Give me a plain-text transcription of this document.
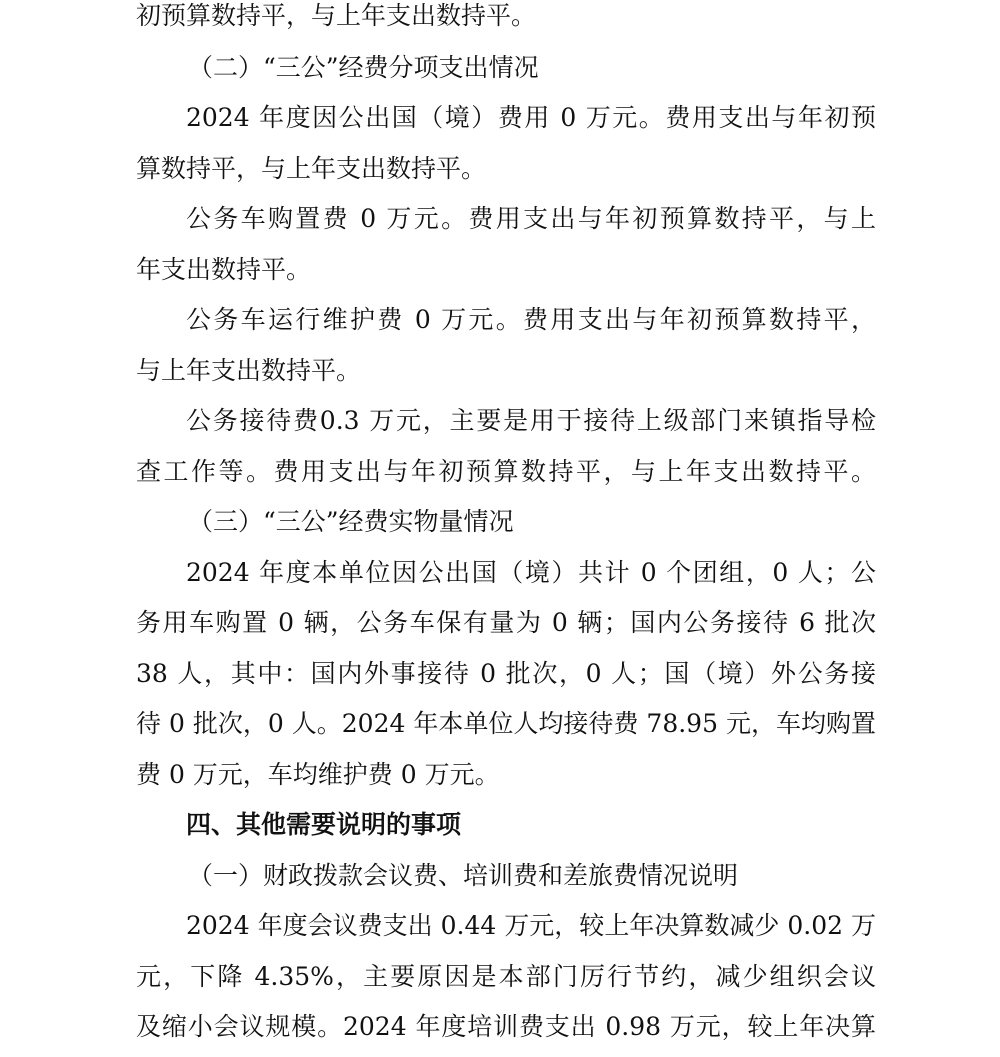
初预算数持平，与上年支出数持平。
（二）“三公”经费分项支出情况
2024 年度因公出国（境）费用 0 万元。费用支出与年初预
算数持平，与上年支出数持平。
公务车购置费 0 万元。费用支出与年初预算数持平，与上
年支出数持平。
公务车运行维护费 0 万元。费用支出与年初预算数持平，
与上年支出数持平。
公务接待费0.3 万元，主要是用于接待上级部门来镇指导检
查工作等。费用支出与年初预算数持平，与上年支出数持平。
（三）“三公”经费实物量情况
2024 年度本单位因公出国（境）共计 0 个团组，0 人；公
务用车购置 0 辆，公务车保有量为 0 辆；国内公务接待 6 批次
38 人，其中：国内外事接待 0 批次，0 人；国（境）外公务接
待 0 批次，0 人。2024 年本单位人均接待费 78.95 元，车均购置
费 0 万元，车均维护费 0 万元。
四、其他需要说明的事项
（一）财政拨款会议费、培训费和差旅费情况说明
2024 年度会议费支出 0.44 万元，较上年决算数减少 0.02 万
元，下降 4.35%，主要原因是本部门厉行节约，减少组织会议
及缩小会议规模。2024 年度培训费支出 0.98 万元，较上年决算
